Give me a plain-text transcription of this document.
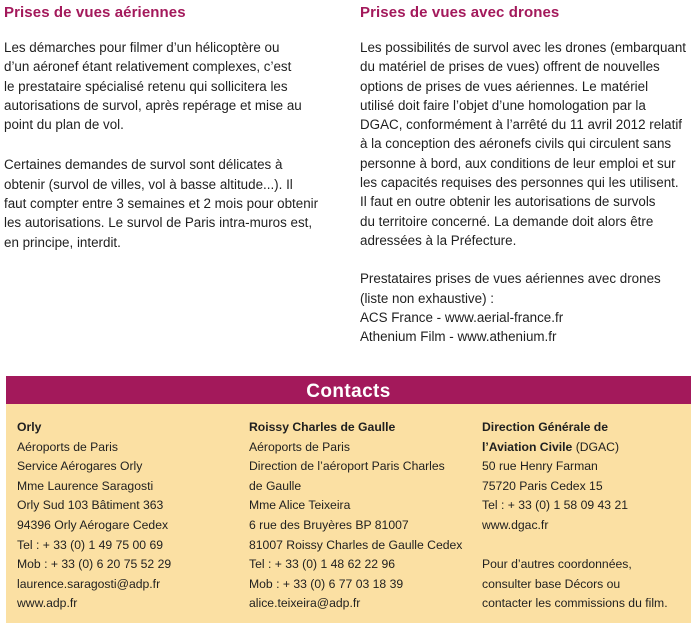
Prises de vues aériennes
Les démarches pour filmer d’un hélicoptère ou
d’un aéronef étant relativement complexes, c’est
le prestataire spécialisé retenu qui sollicitera les
autorisations de survol, après repérage et mise au
point du plan de vol.
Certaines demandes de survol sont délicates à
obtenir (survol de villes, vol à basse altitude...). Il
faut compter entre 3 semaines et 2 mois pour obtenir
les autorisations. Le survol de Paris intra-muros est,
en principe, interdit.
Prises de vues avec drones
Les possibilités de survol avec les drones (embarquant
du matériel de prises de vues) offrent de nouvelles
options de prises de vues aériennes. Le matériel
utilisé doit faire l’objet d’une homologation par la
DGAC, conformément à l’arrêté du 11 avril 2012 relatif
à la conception des aéronefs civils qui circulent sans
personne à bord, aux conditions de leur emploi et sur
les capacités requises des personnes qui les utilisent.
Il faut en outre obtenir les autorisations de survols
du territoire concerné. La demande doit alors être
adressées à la Préfecture.
Prestataires prises de vues aériennes avec drones
(liste non exhaustive) :
ACS France - www.aerial-france.fr
Athenium Film - www.athenium.fr
Contacts
Orly
Aéroports de Paris
Service Aérogares Orly
Mme Laurence Saragosti
Orly Sud 103 Bâtiment 363
94396 Orly Aérogare Cedex
Tel : + 33 (0) 1 49 75 00 69
Mob : + 33 (0) 6 20 75 52 29
laurence.saragosti@adp.fr
www.adp.fr
Roissy Charles de Gaulle
Aéroports de Paris
Direction de l’aéroport Paris Charles
de Gaulle
Mme Alice Teixeira
6 rue des Bruyères BP 81007
81007 Roissy Charles de Gaulle Cedex
Tel : + 33 (0) 1 48 62 22 96
Mob : + 33 (0) 6 77 03 18 39
alice.teixeira@adp.fr
Direction Générale de
l’Aviation Civile (DGAC)
50 rue Henry Farman
75720 Paris Cedex 15
Tel : + 33 (0) 1 58 09 43 21
www.dgac.fr
Pour d’autres coordonnées,
consulter base Décors ou
contacter les commissions du film.
